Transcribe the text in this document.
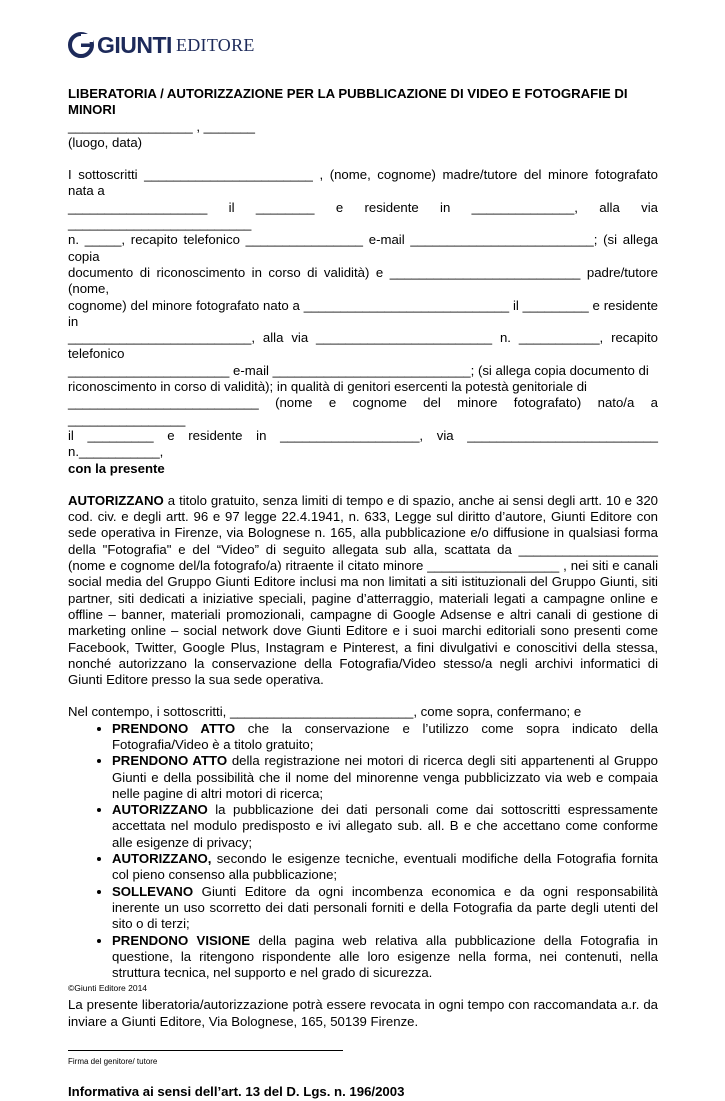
GIUNTI EDITORE

LIBERATORIA / AUTORIZZAZIONE PER LA PUBBLICAZIONE DI VIDEO E FOTOGRAFIE DI MINORI

_________________ , _______

(luogo, data)

I sottoscritti _______________________ , (nome, cognome) madre/tutore del minore fotografato nata a

___________________ il ________ e residente in ______________, alla via _________________________

n. _____, recapito telefonico ________________ e-mail _________________________; (si allega copia

documento di riconoscimento in corso di validità) e __________________________ padre/tutore (nome,

cognome) del minore fotografato nato a ____________________________ il _________ e residente in

_________________________, alla via ________________________ n. ___________, recapito telefonico

______________________ e-mail ___________________________; (si allega copia documento di

riconoscimento in corso di validità); in qualità di genitori esercenti la potestà genitoriale di

__________________________ (nome e cognome del minore fotografato) nato/a a ________________

il _________ e residente in ___________________, via __________________________ n.___________,

con la presente

AUTORIZZANO a titolo gratuito, senza limiti di tempo e di spazio, anche ai sensi degli artt. 10 e 320 cod. civ. e degli artt. 96 e 97 legge 22.4.1941, n. 633, Legge sul diritto d’autore, Giunti Editore con sede operativa in Firenze, via Bolognese n. 165, alla pubblicazione e/o diffusione in qualsiasi forma della "Fotografia" e del “Video” di seguito allegata sub alla, scattata da ___________________ (nome e cognome del/la fotografo/a) ritraente il citato minore __________________ , nei siti e canali social media del Gruppo Giunti Editore inclusi ma non limitati a siti istituzionali del Gruppo Giunti, siti partner, siti dedicati a iniziative speciali, pagine d’atterraggio, materiali legati a campagne online e offline – banner, materiali promozionali, campagne di Google Adsense e altri canali di gestione di marketing online – social network dove Giunti Editore e i suoi marchi editoriali sono presenti come Facebook, Twitter, Google Plus, Instagram e Pinterest, a fini divulgativi e conoscitivi della stessa, nonché autorizzano la conservazione della Fotografia/Video stesso/a negli archivi informatici di Giunti Editore presso la sua sede operativa.

Nel contempo, i sottoscritti, _________________________, come sopra, confermano; e

• PRENDONO ATTO che la conservazione e l’utilizzo come sopra indicato della Fotografia/Video è a titolo gratuito;
• PRENDONO ATTO della registrazione nei motori di ricerca degli siti appartenenti al Gruppo Giunti e della possibilità che il nome del minorenne venga pubblicizzato via web e compaia nelle pagine di altri motori di ricerca;
• AUTORIZZANO la pubblicazione dei dati personali come dai sottoscritti espressamente accettata nel modulo predisposto e ivi allegato sub. all. B e che accettano come conforme alle esigenze di privacy;
• AUTORIZZANO, secondo le esigenze tecniche, eventuali modifiche della Fotografia fornita col pieno consenso alla pubblicazione;
• SOLLEVANO Giunti Editore da ogni incombenza economica e da ogni responsabilità inerente un uso scorretto dei dati personali forniti e della Fotografia da parte degli utenti del sito o di terzi;
• PRENDONO VISIONE della pagina web relativa alla pubblicazione della Fotografia in questione, la ritengono rispondente alle loro esigenze nella forma, nei contenuti, nella struttura tecnica, nel supporto e nel grado di sicurezza.

La presente liberatoria/autorizzazione potrà essere revocata in ogni tempo con raccomandata a.r. da inviare a Giunti Editore, Via Bolognese, 165, 50139 Firenze.

Firma del genitore/ tutore

Informativa ai sensi dell’art. 13 del D. Lgs. n. 196/2003

©Giunti Editore 2014
